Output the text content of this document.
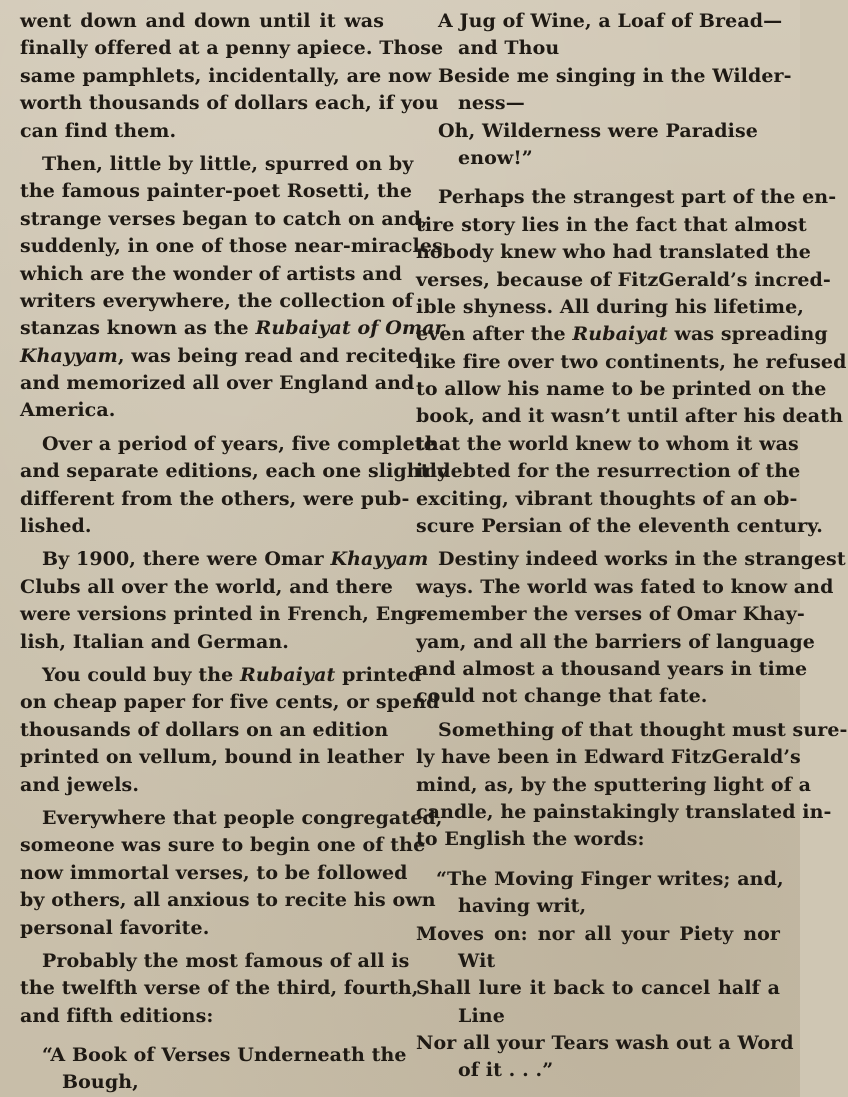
went down and down until it was
finally offered at a penny apiece. Those
same pamphlets, incidentally, are now
worth thousands of dollars each, if you
can find them.
Then, little by little, spurred on by
the famous painter-poet Rosetti, the
strange verses began to catch on and,
suddenly, in one of those near-miracles
which are the wonder of artists and
writers everywhere, the collection of
stanzas known as the Rubaiyat of Omar
Khayyam, was being read and recited
and memorized all over England and
America.
Over a period of years, five complete
and separate editions, each one slightly
different from the others, were pub-
lished.
By 1900, there were Omar Khayyam
Clubs all over the world, and there
were versions printed in French, Eng-
lish, Italian and German.
You could buy the Rubaiyat printed
on cheap paper for five cents, or spend
thousands of dollars on an edition
printed on vellum, bound in leather
and jewels.
Everywhere that people congregated,
someone was sure to begin one of the
now immortal verses, to be followed
by others, all anxious to recite his own
personal favorite.
Probably the most famous of all is
the twelfth verse of the third, fourth,
and fifth editions:
“A Book of Verses Underneath the
Bough,
A Jug of Wine, a Loaf of Bread—
and Thou
Beside me singing in the Wilder-
ness—
Oh, Wilderness were Paradise
enow!”
Perhaps the strangest part of the en-
tire story lies in the fact that almost
nobody knew who had translated the
verses, because of FitzGerald’s incred-
ible shyness. All during his lifetime,
even after the Rubaiyat was spreading
like fire over two continents, he refused
to allow his name to be printed on the
book, and it wasn’t until after his death
that the world knew to whom it was
indebted for the resurrection of the
exciting, vibrant thoughts of an ob-
scure Persian of the eleventh century.
Destiny indeed works in the strangest
ways. The world was fated to know and
remember the verses of Omar Khay-
yam, and all the barriers of language
and almost a thousand years in time
could not change that fate.
Something of that thought must sure-
ly have been in Edward FitzGerald’s
mind, as, by the sputtering light of a
candle, he painstakingly translated in-
to English the words:
“The Moving Finger writes; and,
having writ,
Moves on: nor all your Piety nor
Wit
Shall lure it back to cancel half a
Line
Nor all your Tears wash out a Word
of it . . .”
